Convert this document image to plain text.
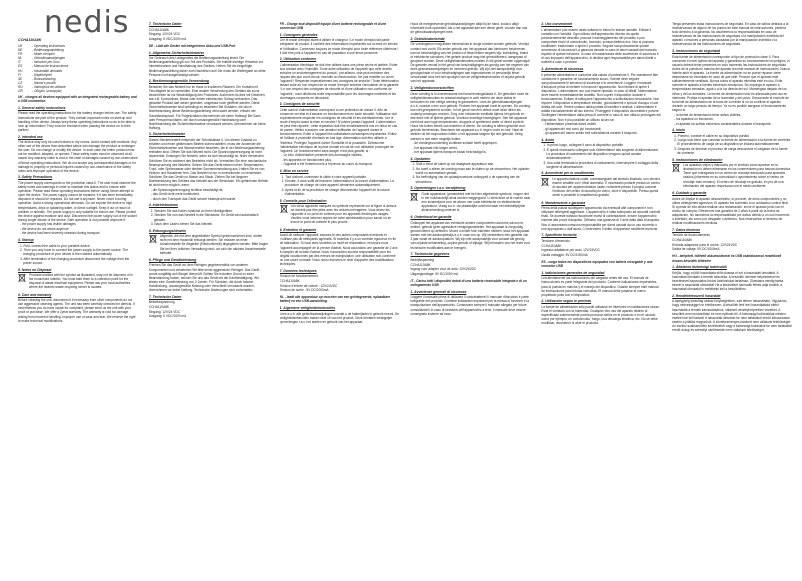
nedis
CCHA110A8K
UK	- Operating instructions
DE	- Bedienungsanleitung
FR	- Mode d'emploi
NL	- Gebruiksaanwijzingen
IT	- Istruzioni per l'uso
ES	- Manual de instrucciones
HU	- Használati útmutató
FI	- Käyttöohjeet
SE	- Bruksanvisning
CZ	- Návod k použití
RO	- Instrucţiuni de utilizare
GR	- Οδηγίες λειτουργίας

UK - charges all devices equipped with an integrated rechargeable battery and a USB connection.

1. General safety instructions

Please read the operating instructions for the battery charger before use. The safety instructions are part of the product. They contain important notes on start-up and handling of the device. Always keep these operating instructions so as to be able to look up information! They must be enclosed when passing the device on to third parties!

2. Intended use

The device may only be used indoors in dry rooms. Avoid contact with moisture. Any other use of the device than described above can damage the product or endanger the user. Do not change or modify the device. In such case the entire product must not be modified, adapted, or opened. These safety notes must be observed at all cases! Any warranty claim is void in the case of damages caused by non-observance of these operating instructions. We do not accept any consequential damages or for damage to property or personal injuries caused by non-observance of the safety notes and improper operation of the device.

3. Safety Precautions

The power supply corresponds to the protection class II. The user must observe the safety notes and warnings in order to maintain this status and to ensure safe operation. Please read these operating instructions before using! Never attempt to open the device. The power supply cannot be repaired. If it has been immediately disposed of should be replaced. Do not use it anymore. Never cover it during operation. Avoid a strong operational demands. Do not expose the device to high temperatures, drips or splashing water, or direct sunlight. Keep it out of reach of children or animals. The power supply is only suitable for indoor use. Please protect the device against moisture and dust. Disconnect the power supply out of the socket during longer disuse of the device. Safe operation is not possible anymore if:

- the power supply has visible damages
- the device do not works anymore
- the device had been severely stressed during transport.
4. Startup
1. First, connect the cable to your portable device.
2. Then you only have to connect the power supply to the power source. The charging procedure of your device is then started automatically.
3. After termination of the charging procedure disconnect the voltage from the power source.
5. Notes on Disposal

Products marked with the symbol as illustrated, may not be disposed of in the household rubbish. You must take them to a collection point for the disposal of waste electrical equipment. Please ask your local authorities where the nearest waste recycling center is located.

6. Care and warranty

Before cleaning the unit, disconnect it if necessary from other components do not use aggressive cleaning agents. The unit has been carefully checked for defects. If nevertheless you do have cause for complaint, please send us the unit with your proof of purchase. We offer a 2year warranty. The warranty is void for damage arising from incorrect handling, improper use or wear and tear. We reserve the right to make technical modifications.

7. Technische Daten

CCHA110A8K

Eingang: 12V/24 VDC

Ausgang: 5 VDC/1000 mA

DE - Lädt alle Geräte mit integriertem Akku und USB-Port

1. Allgemeine Sicherheitshinweise

Vor Gebrauch des Ladegerätes die Bedienungsanleitung lesen! Die Bedienungsanleitung gilt von Teil des Produkts. Sie enthält wichtige Hinweise zur Inbetriebnahme und Handhabung des Gerätes. Heben Sie die beigefügte Bedienungsanleitung daher zum Nachlesen auf! Die muss die Weitergabe an dritte Personen mit ausgehändigt werden.

2. Bestimmungsgemäße Verwendung

Benutzen Sie das Netzteil nur im Haus in trockenen Räumen. Ein Kontakt mit Feuchtigkeit ist zu vermeiden. Eine andere Verwendung des Gerätes als zuvor beschrieben ist zur Beschädigung des Produktes. Außerdem ist dies mit Gefahren, wie z.B. Kurzschluss, Brand oder einem elektrischen Schlag verbunden. Das gesamte Produkt darf weder geändert, umgebaut noch geöffnet werden. Diese Sicherheitshinweise sind unbedingt zu beachten! Bei Schäden, die durch Nichtbeachtung dieser Bedienungsanleitung verursacht werden, erlischt der Garantieanspruch. Für Folgeschäden übernehmen wir keine Haftung! Bei Sach- oder Personenschäden, die durch unsachgemäße Handhabung oder Nichtbeachtung der Sicherheitshinweise verursacht werden, übernehmen wir keine Haftung.

3. Sicherheitshinweise

Dieses Steckernetzteil entspricht der Schutzklasse II. Um diesen Zustand zu erhalten und einen gefahrlosen Betrieb sicherzustellen, muss der Anwender die Sicherheitshinweise und Warnvermerke beachten, die in der Bedienungsanleitung enthalten sind. Öffnen Sie das Netzteil nicht. Die Spannungsversorgung ist nicht reparierbar. Entsorgen Sie Netzteil, wenn es sich beschädigt ist. Nicht verwenden. Schützen Sie es während des Betriebes nicht ab. Vermeiden Sie eine mechanische Beanspruchung des Netzteils. Setzen Sie das Gerät keinen hohen Temperaturen, Tropf- oder Spritzwasser oder direkter Sonneneinstrahlung aus. Halten Sie es von Kindern und Haustieren fern. Das Netzteil ist nur in Innenräumen zu verwenden. Schützen Sie das Gerät vor Nässe und Staub. Ziehen Sie bei längerer Nichtbenutzung des Gerätes das Netzteil aus der Steckdose. Ein gefahrloser Betrieb ist nicht mehr möglich, wenn:

- die Spannungsversorgung sichtbar beschädigt ist,
- das Gerät nicht mehr funktioniert,
- durch den Transport das Gerät schwer beansprucht wurde.
4. Inbetriebnahme
1. Stecken Sie das Kabel zunächst an Ihren Mobilgeräten.
2. Stecken Sie nun das Netzteil in die Steckdose. Ihr Gerät wird automatisch geladen.
3. Nach dem Laden ziehen Sie das Netzteil.
5. Entsorgungshinweis

Altgeräte, die mit dem abgebildeten Symbol gekennzeichnet sind, dürfen nicht mit dem Hausmüll entsorgt werden. Sie müssen an einer Annahmestelle für Altgeräte (Elektronikmüll) abgegeben werden. Bitte fragen Sie bei Ihrer örtlichen Verwaltung nach, wo sich die nächste Annahmestelle befindet.

6. Pflege und Gewährleistung

Trennen Sie das Gerät vor dem Reinigen gegebenenfalls von anderen Komponenten und verwenden Sie bitte keine aggressiven Reiniger. Das Gerät wurde sorgfältig auf Mängel überprüft. Sollten Sie trotzdem Grund zu einer Beanstandung haben, senden Sie uns das Gerät mit der Kaufbestätigung. Wir leisten eine Gewährleistung von 2 Jahren. Für Schäden, die durch falsche Handhabung, unsachgemäße Nutzung oder Verschleiß verursacht wurden, übernehmen wir keine Haftung. Technische Änderungen sind vorbehalten.

7. Technische Daten

Betriebsspannung

CCHA110A8K

Eingang: 12V/24 VDC

Ausgang: 5 VDC/1000 mA

FR - Charge tout dispositif équipé d'une batterie rechargeable et d'une connexion USB

1. Consignes générales

Lire le mode d'emploi avant d'utiliser le chargeur ! Le mode d'emploi fait partie intégrante du produit. Il contient des informations importantes sur la mise en service et l'utilisation. Conservez toujours ce mode d'emploi pour toute référence ultérieure ! Il doit être joint à l'appareil en cas de passation à une tierce personne.

2. Utilisation conforme

L'alimentation électrique ne doit être utilisée dans une pièce sèche et abritée. Eviter tout contact avec l'humidité. Toute autre utilisation de l'appareil que celle décrite entraîne un endommagement du produit ; par ailleurs, cela peut entraîner des risques tels que court-circuit, incendie ou électrocution. Ne pas modifier ou ouvrir l'appareil ! Respecter impérativement ces consignes de sécurité ! Toute détérioration faisant suite au non respect de ce mode d'emploi entraîne l'annulation de la garantie ! Le non-respect des consignes de sécurité et d'une utilisation non-conforme de l'appareil ; nous déclinons toute responsabilité pour les dommages matériels et les dommages corporels en découlant.

3. Consignes de sécurité

Cette source d'alimentation correspond à une protection de classe II. Afin de conserver cet état et d'assurer un fonctionnement en toute sécurité, l'utilisateur doit impérativement respecter les consignes de sécurité et les avertissements. Lire le mode d'emploi avant la mise en service ! N'ouvrez jamais l'appareil. L'alimentation ne peut être réparée : cette réparation doit être immédiatement mis en rebut en cas de panne. Veillez à assurer une aération suffisante de l'appareil durant le fonctionnement. Eviter à l'appareil les sollicitations mécaniques importantes. Evitez de l'utiliser à proximité d'enfants en bas âge. Alimentation doit être utilisée à l'intérieur. Protégez l'appareil contre l'humidité et la poussière. Débrancher l'alimentation électrique de la prise murale en cas de non utilisation prolongée de l'appareil. Un fonctionnement sans danger n'est plus garanti, si :

- Le bloc d'alimentation présente des dommages visibles,
- les appareils ne fonctionnent plus,
- l'appareil a été fortement mis à l'épreuve au cours du transport.
4. Mise en service
1. Tout d'abord, connectez le câble à votre appareil portable.
2. Ensuite, il vous suffit de brancher l'alimentation à la source d'alimentation. La procédure de charge de votre appareil démarrera automatiquement.
3. Après la fin de la procédure de charge déconnectez l'appareil de la source d'alimentation.
5. Conseils pour l'élimination

Les vieux appareils marqués du symbole représenté sur la figure ci-dessus ne doivent pas être jetés avec les ordures ménagères. Vous devez les rapporter à un point de collecte pour les appareils électriques usagés. Veuillez vous informer auprès de votre administration pour savoir où se trouve le point de collecte le plus proche.

6. Entretien et garantie

Avant de nettoyer l'appareil, séparez-le des autres composants éventuels et n'utilisez pas de nettoyants agressifs. Si toutefois il y a un contrôle rigoureux en fin de fabrication. Si vous avez toutefois un motif de réclamation, renvoyez-nous l'appareil accompagné de la preuve d'achat. Nous accordons une garantie de 2 ans à compter de la date d'achat. Nous n'acceptons aucune responsabilité pour les dégâts occasionnés par des erreurs de manipulation, une utilisation non-conforme ou une usure normale. Nous nous réservons le droit d'apporter des modifications techniques.

7. Données techniques

Tension de fonctionnement

CCHA110A8K

Tension d'entrée de voiture : 12V/24VDC

Tension de sortie : 5V DC/1000mA

NL - laadt alle apparatuur op voorzien van een geïntegreerde, oplaadbare batterij en een USB-aansluiting.

1. Algemene veiligheidsinstructies

Lees a.u.b. alle gebruiksaanwijzingen voordat u de batterijlader in gebruik neemt. De veiligheidsinstructies maken deel uit van het product. Deze bevatten belangrijke opmerkingen t.a.v. het starten en gebruik van het apparaat.

Houd de meegeleverde gebruiksaanwijzingen altijd bij de hand, zodat u altijd informatie kunt opzoeken! Als u het apparaat aan een derde geeft, voorzie dan ook de gebruiksaanwijzingen mee.

2. Gebruiksdoeleinde

De voedingsbron mag alleen binnenshuis in droge ruimten worden gebruikt. Vermijd contact met vocht. Elk ander gebruik van het apparaat dan hierboven beschreven kan tot beschadiging van het product of letsel leiden wegens bijv. kortsluiting, brand of elektrische schokken. Het gehele product mag niet gemodificeerd, aangepast of geopend worden. Deze veiligheidsinstructies moeten in elk geval worden opgevolgd! De garantie vervalt in het geval van beschadigingen als gevolg van het negeren van deze gebruiksaanwijzingen en verkeerd gebruik. Wij zijn niet aansprakelijk voor gevolgschade of voor beschadigingen aan eigendommen of persoonlijk letsel veroorzaakt door het niet opvolgen van de veiligheidsinstructies of onjuist gebruik van het apparaat.

3. Veiligheidsvoorschriften

Deze voeding is in overeenkomst met beschermingsklasse II. De gebruiker moet de veiligheidsinstructies en waarschuwingen in acht nemen om deze status te behouden en een veilige werking te garanderen. Lees de gebruiksaanwijzingen a.u.b. voordat u een voor gebruik. Probeer het apparaat nooit te openen. De voeding kan niet gerepareerd worden. In het geval van een defect moet deze direct als zodanig vervangen worden. Zorg voor voldoende ventilatie tijdens het gebruik en dek deze niet af tijdens gebruik. Voorkom krachtige bewegingen. Stel het apparaat niet bloot aan hoge temperaturen, druppels of spetterend water of direct zonlicht. Houd het buiten bereik van kinderen of dieren. De voeding is alleen geschikt voor gebruik binnenshuis. Bescherm het apparaat a.u.b. tegen vocht en stof. Haal de stekker uit het stopcontact indien u het apparaat langere tijd niet gebruikt. Veilig werken is niet meer mogelijk indien:

- de voedingsvoorziening zichtbare schade heeft opgelopen,
- het apparaat niet langer werkt,
- het apparaat tijdens transport zwaar beschadigd is.
4. Opstarten
1. Sluit u eerst de kabel op uw draagbare apparatuur aan.
2. Nu hoeft u alleen de voeding maar aan te sluiten op de stroombron. Het opladen wordt nu automatisch gestart.
3. Na beëindiging van de oplaadprocedure ontkoppelt u de spanning van de stroombron.
5. Opmerkingen t.a.v. verwijdering

Oude apparatuur, gemarkeerd met het hier afgebeelde symbool, mogen niet in het huishoudelijk afval worden weggegooid. U dient deze af te voeren naar een inzamelpunt voor de afvoer van oude elektrische en elektronische apparatuur. Vraag a.u.b. uw plaatselijke overheid waar het dichtstbijzijnde afvalverwerking centrum is.

6. Onderhoud en garantie

Ontkoppel het apparaat van eventuele andere componenten alvorens schoon te maken; gebruik geen agressieve reinigingsmiddelen. Het apparaat is zorgvuldig gecontroleerd op defecten. Mocht u echter toch klachten hebben, stuur het apparaat samen met het aankoopbewijs a.u.b. naar ons op. Wij verstrekken een garantie van 2 jaar vanaf de aankoopdatum. Wij zijn niet aansprakelijk voor schade als gevolg van onjuiste behandeling, onjuist gebruik of slijtage. Wij behouden ons het recht voor technische modificaties aan te brengen.

7. Technische gegevens

Bedrijfsspanning

CCHA110A8K

Ingang voor adapter voor de auto: 12V/24VDC

Uitgangsvoltage: 5V DC/1000 mA

IT - Carica tutti i dispositivi dotati di una batteria ricaricabile integrata e di un collegamento USB

1. Avvertenze generali di sicurezza

Leggere il manuale prima di utilizzare il caricabatterie! Il manuale d'istruzioni è parte integrante del prodotto. Contiene indicazioni importanti per la messa in funzione e la manipolazione dell'apparecchio. Conservare sempre il manuale allegato per future consultazioni! In caso di cessione dell'apparecchio a terzi, il manuale deve essere consegnato insieme ad esso.

2. Uso conveniente

L'alimentatore può essere usato soltanto in interni in stanze asciutte. Evitare il contatto con l'umidità. Ogni utilizzo dell'apparecchio diverso da quello precedentemente descritto provoca il danneggiamento del prodotto e può comportare rischi di cortocircuito, incendio, scossa elettrica ecc. Non si possono modificare, trasformare o aprire il prodotto. Seguire scrupolosamente queste avvertenze di sicurezza! La garanzia decade in caso di danni causati dal mancato rispetto di queste istruzioni. In caso di inosservanza delle avvertenze di sicurezza e di uso improprio dell'apparecchio, si declina ogni responsabilità per danni diretti o indiretti a cose o persone.

3. Avvertenze di sicurezza

Il presente alimentatore è conforme alla classe di protezione II. Per mantenere tale condizione e garantire un funzionamento sicuro, l'utente deve seguire scrupolosamente le istruzioni di sicurezza e le avvertenze. Leggere il manuale d'istruzioni prima di mettere in funzione l'apparecchio. Non tentare di aprire il dispositivo. L'alimentatore non può essere riparato; in caso di difetti, l'alimentatore deve essere immediatamente smaltito. Non coprire il dispositivo durante il funzionamento. Evitare di sottoporre l'apparecchio a sollecitazioni meccaniche. Non esporre il dispositivo a temperature elevate, gocciolamenti o spruzzi d'acqua o luce diretta del sole. Tenere lontano dalla portata di bambini e animali. L'alimentatore è adatto esclusivamente all'uso interno. Proteggere il dispositivo da umidità e polvere. Scollegare l'alimentatore dalla presa di corrente in caso di non utilizzo prolungato del dispositivo. Non è più possibile un utilizzo sicuro se:

- l'alimentatore presenta danni visibili;
- gli apparecchi non sono più funzionanti;
- gli apparecchi hanno subito forti sollecitazioni durante il trasporto.
4. Avvio
1. In primo luogo, collegare il cavo al dispositivo portatile.
2. È quindi necessario collegare solo l'alimentatore alla sorgente di alimentazione. La procedura di caricamento del dispositivo vengono quindi avviate automaticamente.
3. Una volta terminata la procedura di caricamento, interrompere il voltaggio della sorgente di alimentazione.
5. Avvertenze per lo smaltimento

Le apparecchiature usate, contrassegnate dal simbolo illustrato, non devono essere smaltite con i rifiuti domestici. È necessario portarle presso un centro di raccolta per apparecchiature usate; richiedere presso il proprio comune l'indirizzo del centro di raccolta più vicino, dove è disponibile. Presso questi centri è possibile lo smaltimento gratuito.

6. Manutenzione e garanzia

Prima della pulizia scollegare l'apparecchio da eventuali altri componenti e non utilizzare detergenti aggressivi. L'apparecchio è stato sottoposto ad accurati controlli finali. Se doveste tuttavia riscontrare motivi di contestazione, inviare l'apparecchio insieme alla prova d'acquisto. Offriamo una garanzia di 2 anni dalla data di acquisto. Non ci assumiamo nessuna responsabilità per danni causati da un uso scorretto o non appropriato o dall'usura. Ci riserviamo il diritto di apportare modifiche tecniche.

7. Specifiche tecniche

Tensione d'esercizio

CCHA110A8K

Ingresso adattatore per auto: 12V/24VDC

Uscita voltaggio: 5V DC/1000mA

ES - carga todos los dispositivos equipados con batería recargable y una conexión USB

1. Indicaciones generales de seguridad

Lea atentamente las instrucciones del cargador antes del uso. El manual de instrucciones es parte integrante del producto. Contiene indicaciones importantes para la puesta en marcha y el manejo del dispositivo. Guarde siempre este manual de instrucciones para futuras consultas. El manual debe pasarse al nuevo propietario junto con el dispositivo.

2. Utilización según lo previsto

La fuente de alimentación sólo puede utilizarse en interiores en habitaciones secas. Evite el contacto con la humedad. Cualquier otro uso del aparato distinto al especificado anteriormente podría provocar daños en el producto o en el usuario, como por ejemplo, un cortocircuito, fuego, una descarga eléctrica, etc. No se debe modificar, reconstruir ni abrir el producto.

Tenga presentes estas instrucciones de seguridad. En caso de daños debidos a la inobservancia de alguno de los puntos de este manual de instrucciones, perderá todo derecho a la garantía. No asumiremos la responsabilidad en caso de inobservancia de las instrucciones de seguridad o la manipulación indebida del aparato o lesiones a personas causadas por la manipulación indebida o la inobservancia de las instrucciones de seguridad.

3. Instrucciones de seguridad

Esta fuente de alimentación corresponde al tipo de protección clase II. Para conservar el nivel óptimo del aparato y garantizar su funcionamiento sin peligros, el usuario deberá tener presentes en todo momento las instrucciones de seguridad. Antes de la puesta en marcha del aparato lea este manual de instrucciones. Nunca intente abrir el aparato. La fuente de alimentación no se puede reparar; debe desecharse de inmediato en caso de que falle. Procure que el aparato esté suficientemente ventilado. Nunca cubra el aparato mientras esté en uso. Evite someter el aparato a fuertes esfuerzos mecánicos. No exponga el aparato a temperaturas elevadas, agua o a la luz directa del sol. Manténgalo alejado de los niños y de los animales. La fuente de alimentación solo es adecuada para uso en interiores. Proteja el aparato de la humedad y del polvo. Desconecte el enchufe de la fuente de alimentación de la toma de corriente si no va a utilizar el aparato durante un largo periodo de tiempo. Ya no es posible asegurar el funcionamiento seguro si:

- la fuente de alimentación tiene daños visibles,
- los aparatos no funcionan,
- el aparato ha sufrido esfuerzos considerables durante el transporte.
4. Inicio
1. Primero, conecte el cable en su dispositivo portátil.
2. Luego sólo tiene que conectar la fuente de alimentación a la fuente de corriente. El procedimiento de carga de su dispositivo se iniciará automáticamente.
3. Después de terminar el proceso de carga desconecte el cargador de la fuente de corriente.
5. Instrucciones de eliminación

Los aparatos viejos y marcados por el símbolo como aparece en la ilustración no deben eliminarse en los contenedores para basura doméstica. Tiene que entregarlos en un centro de reciclaje adecuado para aparatos usados (informese en su comunidad o ayuntamiento sobre el centro de reciclaje más cercano). El centro de reciclaje es gratuito, en pro de una eliminación del aparato respetuosa con el medio ambiente.

6. Cuidado y garantía

Antes de limpiar el aparato desconéctelo, si procede, de otros componentes y no utilice detergentes agresivos. El aparato fue sometido a un cuidadoso control final. Si a pesar de ello desea realizar una reclamación, envíe el aparato junto con el recibo de compra. Ofrecemos una garantía de 2 años a partir de la fecha de adquisición. No asumimos la responsabilidad por daños debido a un uso incorrecto o indebido, así como por desgaste o deterioro. Nos reservamos el derecho de realizar modificaciones técnicas.

7. Datos técnicos

Tensión de funcionamiento

CCHA110A8K

Entrada adaptador para el coche: 12V/24VDC

Salida de voltaje: 5V DC/1000mA

HU - beépített, tölthető akkumulátorral és USB csatlakozóval rendelkező összes készülék töltésére

1. Általános biztonsági tudnivalók

Kérjük, hogy a töltő használata előtt olvassa el ezt a használati útmutatót. A használati útmutató a termék tartozéka. A készülék üzembe helyezésével és kezelésével kapcsolatos fontos tudnivalókat tartalmaz. Olvasásra mindig tartsa kéznél a használati útmutatót! Ha a készüléket harmadik félnek adja tovább, a használati útmutatót is mellékelni kell a készülékhez.

2. Rendeltetésszerű használat

A tápegység kizárólag száraz helyiségekben, zárt térben használható. Vigyázzon, hogy nedvességgel ne érintkezzen. A készülék fent leírt használatától eltérő használata a termék károsodásához, valamint veszélyhelyzethez vezethet. A készülék nem módosítható és nem nyitható fel. A biztonsági tudnivalókat minden esetben be kell tartani! A használati útmutató be nem tartásából eredő károsodások esetén a jótállás megszűnik. A következményes károkért nem vállalunk felelősséget. Az eszköz szakszerűtlen kezeléséből vagy a biztonsági tudnivalók be nem tartásából eredő dologi és személyi sérülésekért nem vállalunk felelősséget.
